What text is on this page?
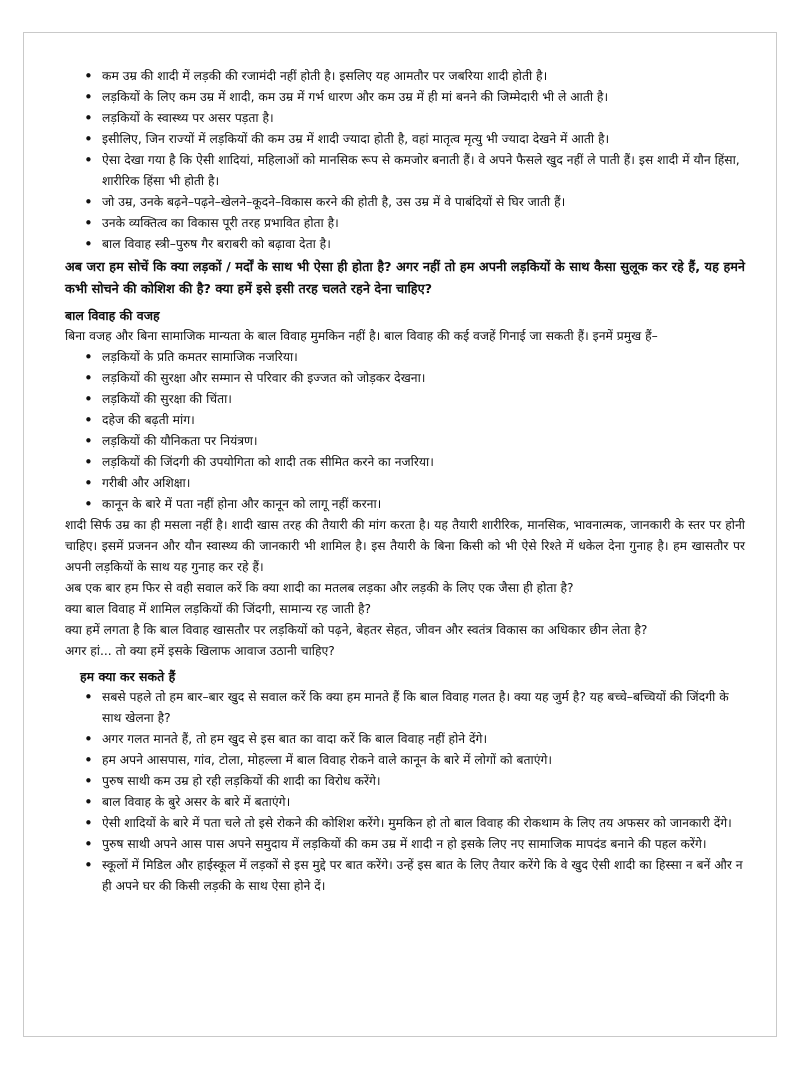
• कम उम्र की शादी में लड़की की रजामंदी नहीं होती है। इसलिए यह आमतौर पर जबरिया शादी होती है।
• लड़कियों के लिए कम उम्र में शादी, कम उम्र में गर्भ धारण और कम उम्र में ही मां बनने की जिम्मेदारी भी ले आती है।
• लड़कियों के स्वास्थ्य पर असर पड़ता है।
• इसीलिए, जिन राज्यों में लड़कियों की कम उम्र में शादी ज्यादा होती है, वहां मातृत्व मृत्यु भी ज्यादा देखने में आती है।
• ऐसा देखा गया है कि ऐसी शादियां, महिलाओं को मानसिक रूप से कमजोर बनाती हैं। वे अपने फैसले खुद नहीं ले पाती हैं। इस शादी में यौन हिंसा, शारीरिक हिंसा भी होती है।
• जो उम्र, उनके बढ़ने–पढ़ने–खेलने–कूदने–विकास करने की होती है, उस उम्र में वे पाबंदियों से घिर जाती हैं।
• उनके व्यक्तित्व का विकास पूरी तरह प्रभावित होता है।
• बाल विवाह स्त्री–पुरुष गैर बराबरी को बढ़ावा देता है।

अब जरा हम सोचें कि क्या लड़कों / मर्दों के साथ भी ऐसा ही होता है? अगर नहीं तो हम अपनी लड़कियों के साथ कैसा सुलूक कर रहे हैं, यह हमने कभी सोचने की कोशिश की है? क्या हमें इसे इसी तरह चलते रहने देना चाहिए?

बाल विवाह की वजह

बिना वजह और बिना सामाजिक मान्यता के बाल विवाह मुमकिन नहीं है। बाल विवाह की कई वजहें गिनाई जा सकती हैं। इनमें प्रमुख हैं–

• लड़कियों के प्रति कमतर सामाजिक नजरिया।
• लड़कियों की सुरक्षा और सम्मान से परिवार की इज्जत को जोड़कर देखना।
• लड़कियों की सुरक्षा की चिंता।
• दहेज की बढ़ती मांग।
• लड़कियों की यौनिकता पर नियंत्रण।
• लड़कियों की जिंदगी की उपयोगिता को शादी तक सीमित करने का नजरिया।
• गरीबी और अशिक्षा।
• कानून के बारे में पता नहीं होना और कानून को लागू नहीं करना।

शादी सिर्फ उम्र का ही मसला नहीं है। शादी खास तरह की तैयारी की मांग करता है। यह तैयारी शारीरिक, मानसिक, भावनात्मक, जानकारी के स्तर पर होनी चाहिए। इसमें प्रजनन और यौन स्वास्थ्य की जानकारी भी शामिल है। इस तैयारी के बिना किसी को भी ऐसे रिश्ते में धकेल देना गुनाह है। हम खासतौर पर अपनी लड़कियों के साथ यह गुनाह कर रहे हैं।

अब एक बार हम फिर से वही सवाल करें कि क्या शादी का मतलब लड़का और लड़की के लिए एक जैसा ही होता है?

क्या बाल विवाह में शामिल लड़कियों की जिंदगी, सामान्य रह जाती है?

क्या हमें लगता है कि बाल विवाह खासतौर पर लड़कियों को पढ़ने, बेहतर सेहत, जीवन और स्वतंत्र विकास का अधिकार छीन लेता है?

अगर हां... तो क्या हमें इसके खिलाफ आवाज उठानी चाहिए?

हम क्या कर सकते हैं
• सबसे पहले तो हम बार–बार खुद से सवाल करें कि क्या हम मानते हैं कि बाल विवाह गलत है। क्या यह जुर्म है? यह बच्चे–बच्चियों की जिंदगी के साथ खेलना है?
• अगर गलत मानते हैं, तो हम खुद से इस बात का वादा करें कि बाल विवाह नहीं होने देंगे।
• हम अपने आसपास, गांव, टोला, मोहल्ला में बाल विवाह रोकने वाले कानून के बारे में लोगों को बताएंगे।
• पुरुष साथी कम उम्र हो रही लड़कियों की शादी का विरोध करेंगे।
• बाल विवाह के बुरे असर के बारे में बताएंगे।
• ऐसी शादियों के बारे में पता चले तो इसे रोकने की कोशिश करेंगे। मुमकिन हो तो बाल विवाह की रोकथाम के लिए तय अफसर को जानकारी देंगे।
• पुरुष साथी अपने आस पास अपने समुदाय में लड़कियों की कम उम्र में शादी न हो इसके लिए नए सामाजिक मापदंड बनाने की पहल करेंगे।
• स्कूलों में मिडिल और हाईस्कूल में लड़कों से इस मुद्दे पर बात करेंगे। उन्हें इस बात के लिए तैयार करेंगे कि वे खुद ऐसी शादी का हिस्सा न बनें और न ही अपने घर की किसी लड़की के साथ ऐसा होने दें।
